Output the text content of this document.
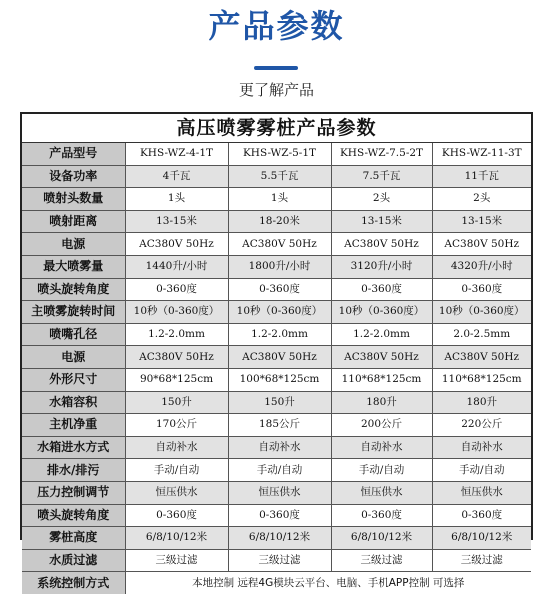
产品参数
更了解产品
高压喷雾雾桩产品参数
产品型号	KHS-WZ-4-1T	KHS-WZ-5-1T	KHS-WZ-7.5-2T	KHS-WZ-11-3T
设备功率	4千瓦	5.5千瓦	7.5千瓦	11千瓦
喷射头数量	1头	1头	2头	2头
喷射距离	13-15米	18-20米	13-15米	13-15米
电源	AC380V 50Hz	AC380V 50Hz	AC380V 50Hz	AC380V 50Hz
最大喷雾量	1440升/小时	1800升/小时	3120升/小时	4320升/小时
喷头旋转角度	0-360度	0-360度	0-360度	0-360度
主喷雾旋转时间	10秒（0-360度）	10秒（0-360度）	10秒（0-360度）	10秒（0-360度）
喷嘴孔径	1.2-2.0mm	1.2-2.0mm	1.2-2.0mm	2.0-2.5mm
电源	AC380V 50Hz	AC380V 50Hz	AC380V 50Hz	AC380V 50Hz
外形尺寸	90*68*125cm	100*68*125cm	110*68*125cm	110*68*125cm
水箱容积	150升	150升	180升	180升
主机净重	170公斤	185公斤	200公斤	220公斤
水箱进水方式	自动补水	自动补水	自动补水	自动补水
排水/排污	手动/自动	手动/自动	手动/自动	手动/自动
压力控制调节	恒压供水	恒压供水	恒压供水	恒压供水
喷头旋转角度	0-360度	0-360度	0-360度	0-360度
雾桩高度	6/8/10/12米	6/8/10/12米	6/8/10/12米	6/8/10/12米
水质过滤	三级过滤	三级过滤	三级过滤	三级过滤
系统控制方式	本地控制 远程4G模块云平台、电脑、手机APP控制 可选择			
